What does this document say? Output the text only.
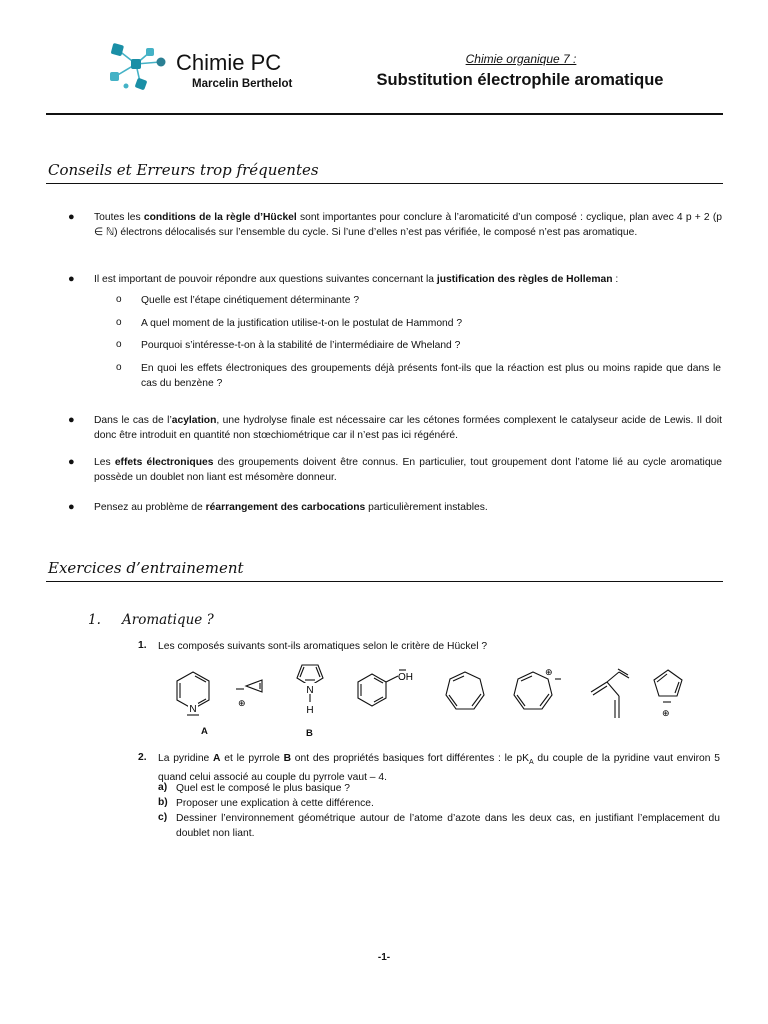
Chimie PC
Marcelin Berthelot
Chimie organique 7 :
Substitution électrophile aromatique
Conseils et Erreurs trop fréquentes
● Toutes les conditions de la règle d’Hückel sont importantes pour conclure à l’aromaticité d’un composé : cyclique, plan avec 4 p + 2 (p ∈ ℕ) électrons délocalisés sur l’ensemble du cycle. Si l’une d’elles n’est pas vérifiée, le composé n’est pas aromatique.
● Il est important de pouvoir répondre aux questions suivantes concernant la justification des règles de Holleman :
o Quelle est l’étape cinétiquement déterminante ?
o A quel moment de la justification utilise-t-on le postulat de Hammond ?
o Pourquoi s’intéresse-t-on à la stabilité de l’intermédiaire de Wheland ?
o En quoi les effets électroniques des groupements déjà présents font-ils que la réaction est plus ou moins rapide que dans le cas du benzène ?
● Dans le cas de l’acylation, une hydrolyse finale est nécessaire car les cétones formées complexent le catalyseur acide de Lewis. Il doit donc être introduit en quantité non stœchiométrique car il n’est pas ici régénéré.
● Les effets électroniques des groupements doivent être connus. En particulier, tout groupement dont l’atome lié au cycle aromatique possède un doublet non liant est mésomère donneur.
● Pensez au problème de réarrangement des carbocations particulièrement instables.
Exercices d’entrainement
1. Aromatique ?
1. Les composés suivants sont-ils aromatiques selon le critère de Hückel ?
N
A
⊕
N
H
B
OH	⊕
⊕
2. La pyridine A et le pyrrole B ont des propriétés basiques fort différentes : le $pK_A$ du couple de la pyridine vaut environ 5 quand celui associé au couple du pyrrole vaut – 4.
a) Quel est le composé le plus basique ?
b) Proposer une explication à cette différence.
c) Dessiner l’environnement géométrique autour de l’atome d’azote dans les deux cas, en justifiant l’emplacement du doublet non liant.
-1-
